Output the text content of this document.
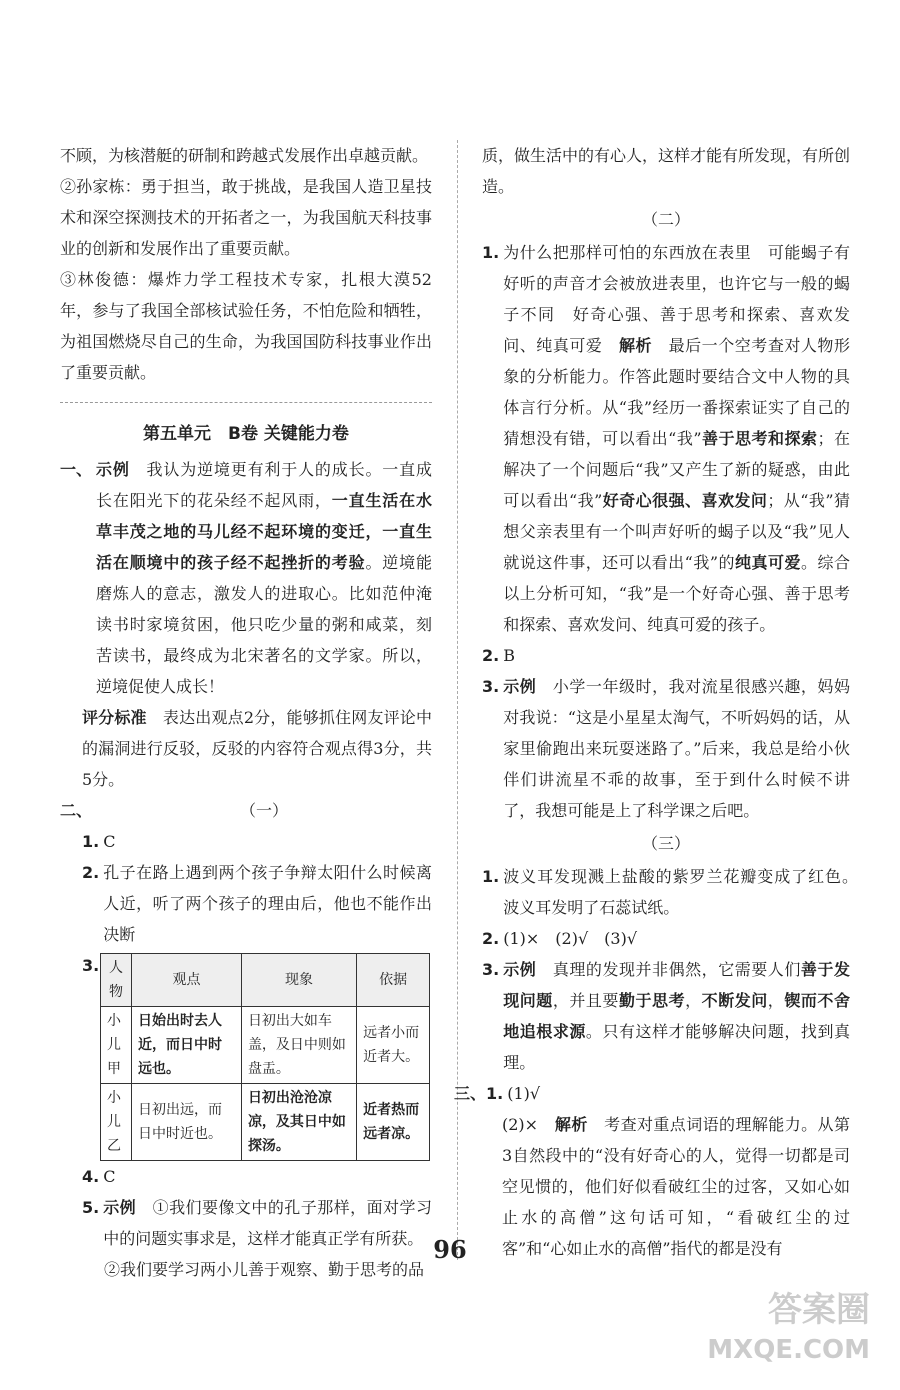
不顾，为核潜艇的研制和跨越式发展作出卓越贡献。

②孙家栋：勇于担当，敢于挑战，是我国人造卫星技术和深空探测技术的开拓者之一，为我国航天科技事业的创新和发展作出了重要贡献。

③林俊德：爆炸力学工程技术专家，扎根大漠52年，参与了我国全部核试验任务，不怕危险和牺牲，为祖国燃烧尽自己的生命，为我国国防科技事业作出了重要贡献。

第五单元　B卷 关键能力卷
一、 示例　 我认为逆境更有利于人的成长。一直成长在阳光下的花朵经不起风雨，一直生活在水草丰茂之地的马儿经不起环境的变迁，一直生活在顺境中的孩子经不起挫折的考验。逆境能磨炼人的意志，激发人的进取心。比如范仲淹读书时家境贫困，他只吃少量的粥和咸菜，刻苦读书，最终成为北宋著名的文学家。所以，逆境促使人成长！

评分标准　 表达出观点2分，能够抓住网友评论中的漏洞进行反驳，反驳的内容符合观点得3分，共5分。

二、	（一）
1. C
2. 孔子在路上遇到两个孩子争辩太阳什么时候离人近，听了两个孩子的理由后，他也不能作出决断

3. 人物	观点	现象	依据
小儿甲	日始出时去人近，而日中时远也。	日初出大如车盖，及日中则如盘盂。	远者小而近者大。
小儿乙	日初出远，而日中时近也。	日初出沧沧凉凉，及其日中如探汤。	近者热而远者凉。
4. C
5. 示例　 ①我们要像文中的孔子那样，面对学习中的问题实事求是，这样才能真正学有所获。

②我们要学习两小儿善于观察、勤于思考的品

质，做生活中的有心人，这样才能有所发现，有所创造。

（二）
1. 为什么把那样可怕的东西放在表里　可能蝎子有好听的声音才会被放进表里，也许它与一般的蝎子不同　好奇心强、善于思考和探索、喜欢发问、纯真可爱　 解析　 最后一个空考查对人物形象的分析能力。作答此题时要结合文中人物的具体言行分析。从“我”经历一番探索证实了自己的猜想没有错，可以看出“我”善于思考和探索；在解决了一个问题后“我”又产生了新的疑惑，由此可以看出“我”好奇心很强、喜欢发问；从“我”猜想父亲表里有一个叫声好听的蝎子以及“我”见人就说这件事，还可以看出“我”的纯真可爱。综合以上分析可知，“我”是一个好奇心强、善于思考和探索、喜欢发问、纯真可爱的孩子。

2. B
3. 示例　 小学一年级时，我对流星很感兴趣，妈妈对我说：“这是小星星太淘气，不听妈妈的话，从家里偷跑出来玩耍迷路了。”后来，我总是给小伙伴们讲流星不乖的故事，至于到什么时候不讲了，我想可能是上了科学课之后吧。

（三）
1. 波义耳发现溅上盐酸的紫罗兰花瓣变成了红色。　波义耳发明了石蕊试纸。

2. (1)×　(2)√　(3)√
3. 示例　 真理的发现并非偶然，它需要人们善于发现问题，并且要勤于思考，不断发问，锲而不舍地追根求源。只有这样才能够解决问题，找到真理。

三、1. (1)√

(2)×　 解析　 考查对重点词语的理解能力。从第3自然段中的“没有好奇心的人，觉得一切都是司空见惯的，他们好似看破红尘的过客，又如心如止水的高僧”这句话可知，“看破红尘的过客”和“心如止水的高僧”指代的都是没有

96
答案圈
MXQE.COM
